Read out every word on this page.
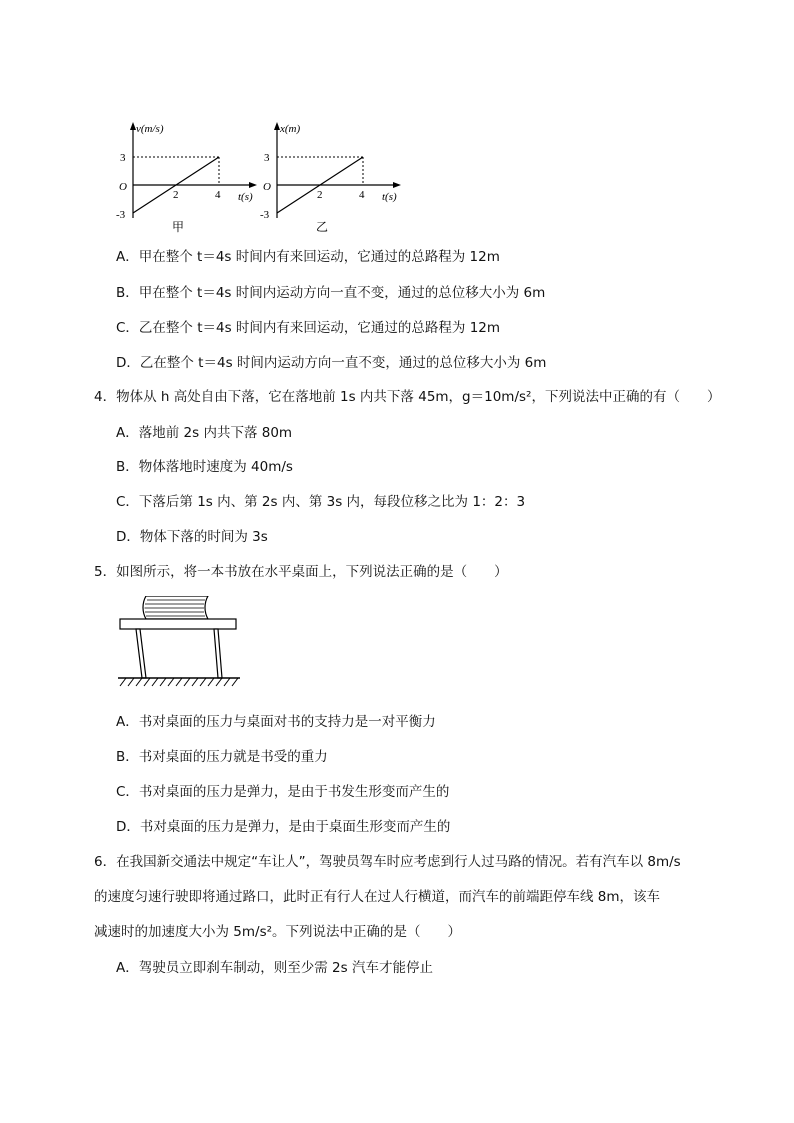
v(m/s)
3
O
-3
2	4 t(s)
甲
x(m)
3
O
-3
2	4 t(s)
乙
A．甲在整个 t＝4s 时间内有来回运动，它通过的总路程为 12m
B．甲在整个 t＝4s 时间内运动方向一直不变，通过的总位移大小为 6m
C．乙在整个 t＝4s 时间内有来回运动，它通过的总路程为 12m
D．乙在整个 t＝4s 时间内运动方向一直不变，通过的总位移大小为 6m
4．物体从 h 高处自由下落，它在落地前 1s 内共下落 45m，g＝10m/s²，下列说法中正确的有（　　）
A．落地前 2s 内共下落 80m
B．物体落地时速度为 40m/s
C．下落后第 1s 内、第 2s 内、第 3s 内，每段位移之比为 1：2：3
D．物体下落的时间为 3s
5．如图所示，将一本书放在水平桌面上，下列说法正确的是（　　）
A．书对桌面的压力与桌面对书的支持力是一对平衡力
B．书对桌面的压力就是书受的重力
C．书对桌面的压力是弹力，是由于书发生形变而产生的
D．书对桌面的压力是弹力，是由于桌面生形变而产生的
6．在我国新交通法中规定“车让人”，驾驶员驾车时应考虑到行人过马路的情况。若有汽车以 8m/s
的速度匀速行驶即将通过路口，此时正有行人在过人行横道，而汽车的前端距停车线 8m，该车
减速时的加速度大小为 5m/s²。下列说法中正确的是（　　）
A．驾驶员立即刹车制动，则至少需 2s 汽车才能停止
